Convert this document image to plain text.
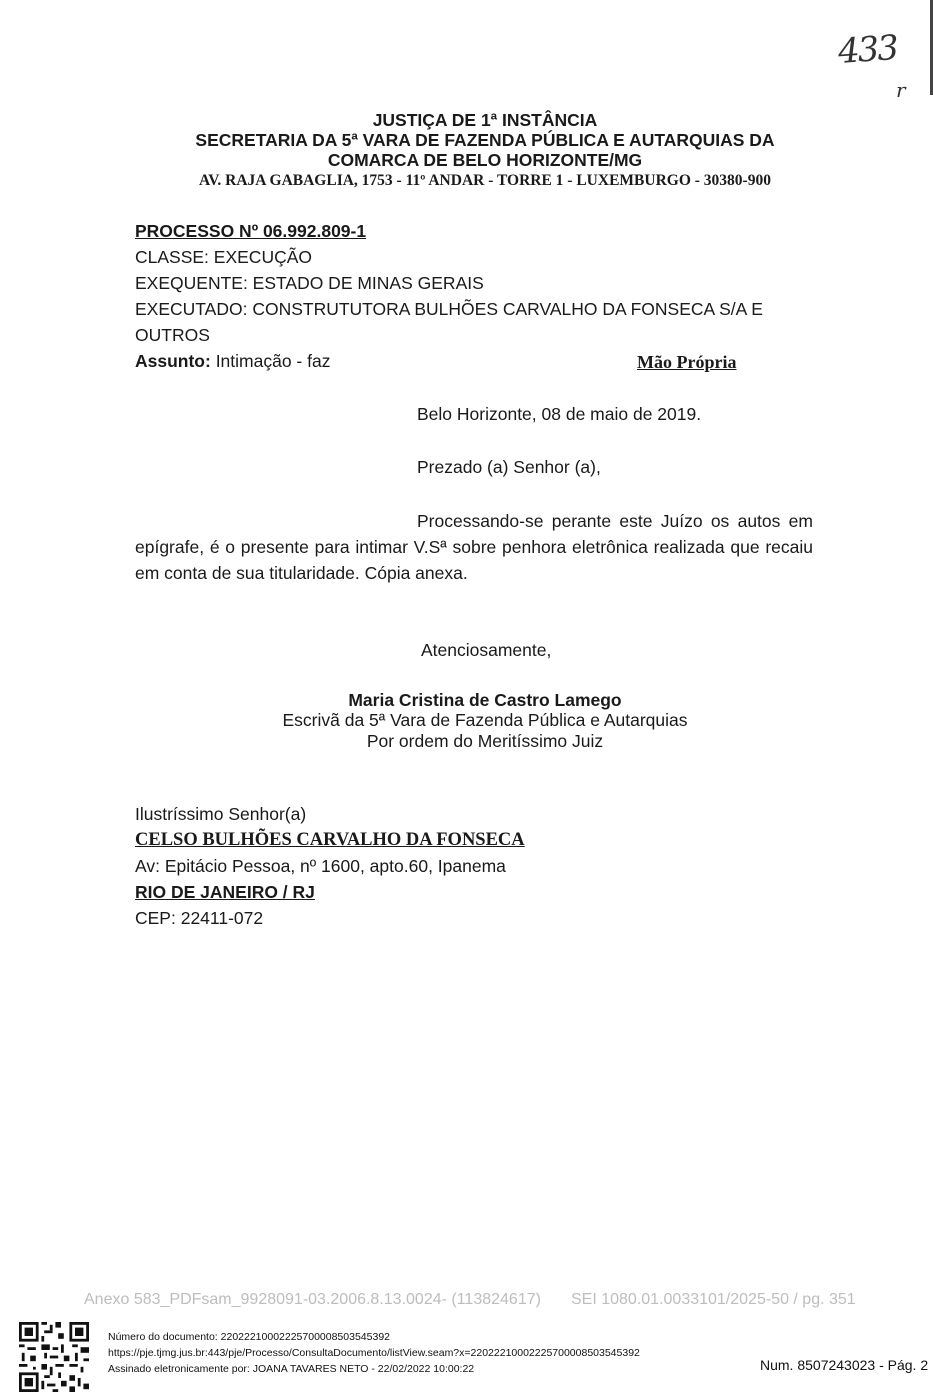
433
r
JUSTIÇA DE 1ª INSTÂNCIA
SECRETARIA DA 5ª VARA DE FAZENDA PÚBLICA E AUTARQUIAS DA
COMARCA DE BELO HORIZONTE/MG
AV. RAJA GABAGLIA, 1753 - 11º ANDAR - TORRE 1 - LUXEMBURGO - 30380-900
PROCESSO Nº 06.992.809-1
CLASSE: EXECUÇÃO
EXEQUENTE: ESTADO DE MINAS GERAIS
EXECUTADO: CONSTRUTUTORA BULHÕES CARVALHO DA FONSECA S/A E
OUTROS
Assunto: Intimação - faz	Mão Própria
Belo Horizonte, 08 de maio de 2019.
Prezado (a) Senhor (a),
Processando-se perante este Juízo os autos em epígrafe, é o presente para intimar V.Sª sobre penhora eletrônica realizada que recaiu em conta de sua titularidade. Cópia anexa.
Atenciosamente,
Maria Cristina de Castro Lamego
Escrivã da 5ª Vara de Fazenda Pública e Autarquias
Por ordem do Meritíssimo Juiz
Ilustríssimo Senhor(a)
CELSO BULHÕES CARVALHO DA FONSECA
Av: Epitácio Pessoa, nº 1600, apto.60, Ipanema
RIO DE JANEIRO / RJ
CEP: 22411-072
Anexo 583_PDFsam_9928091-03.2006.8.13.0024- (113824617) SEI 1080.01.0033101/2025-50 / pg. 351
Número do documento: 22022210002225700008503545392
https://pje.tjmg.jus.br:443/pje/Processo/ConsultaDocumento/listView.seam?x=22022210002225700008503545392
Assinado eletronicamente por: JOANA TAVARES NETO - 22/02/2022 10:00:22	Num. 8507243023 - Pág. 2
